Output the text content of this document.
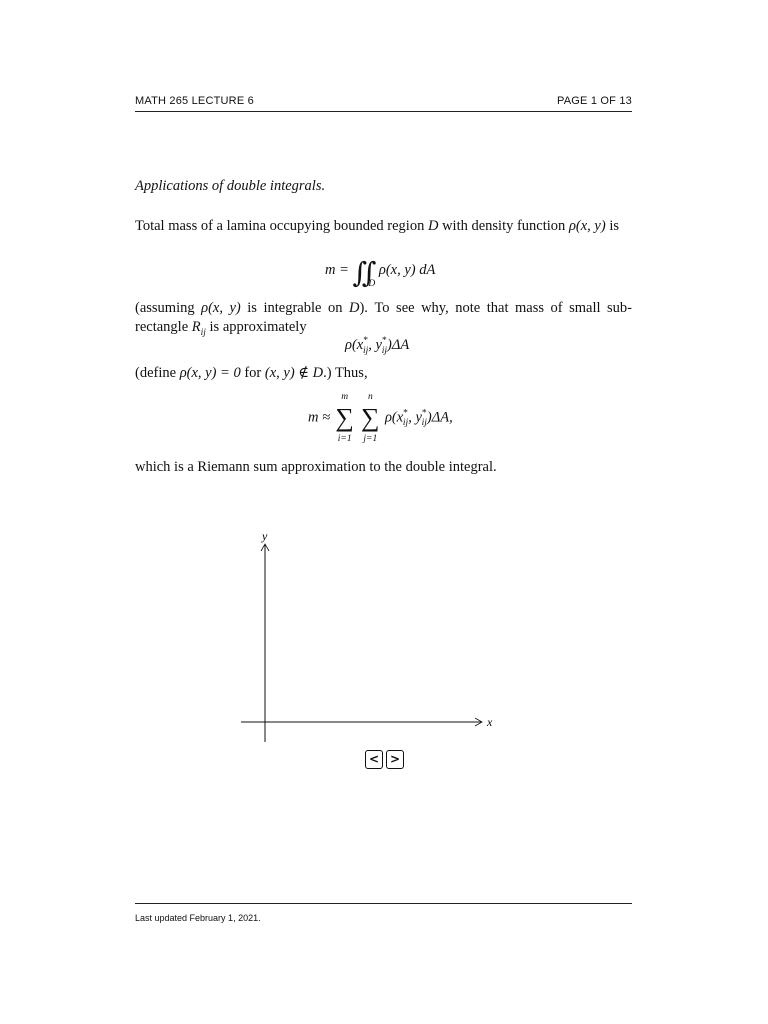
MATH 265 LECTURE 6	PAGE 1 OF 13
Applications of double integrals.
Total mass of a lamina occupying bounded region D with density function ρ(x, y) is
$m = ∬_D$ ρ(x, y) dA
(assuming ρ(x, y) is integrable on D). To see why, note that mass of small sub-rectangle $R_{ij}$ is approximately
$\rho(x^*_{ij}$, $y^*_{ij})\Delta A$
(define ρ(x, y) = 0 for (x, y) ∉ D.) Thus,
m ≈
m
∑
i=1

n
∑
j=1
$\rho(x^*_{ij}$, $y^*_{ij})\Delta A$,
which is a Riemann sum approximation to the double integral.
y
x
< >
Last updated February 1, 2021.
